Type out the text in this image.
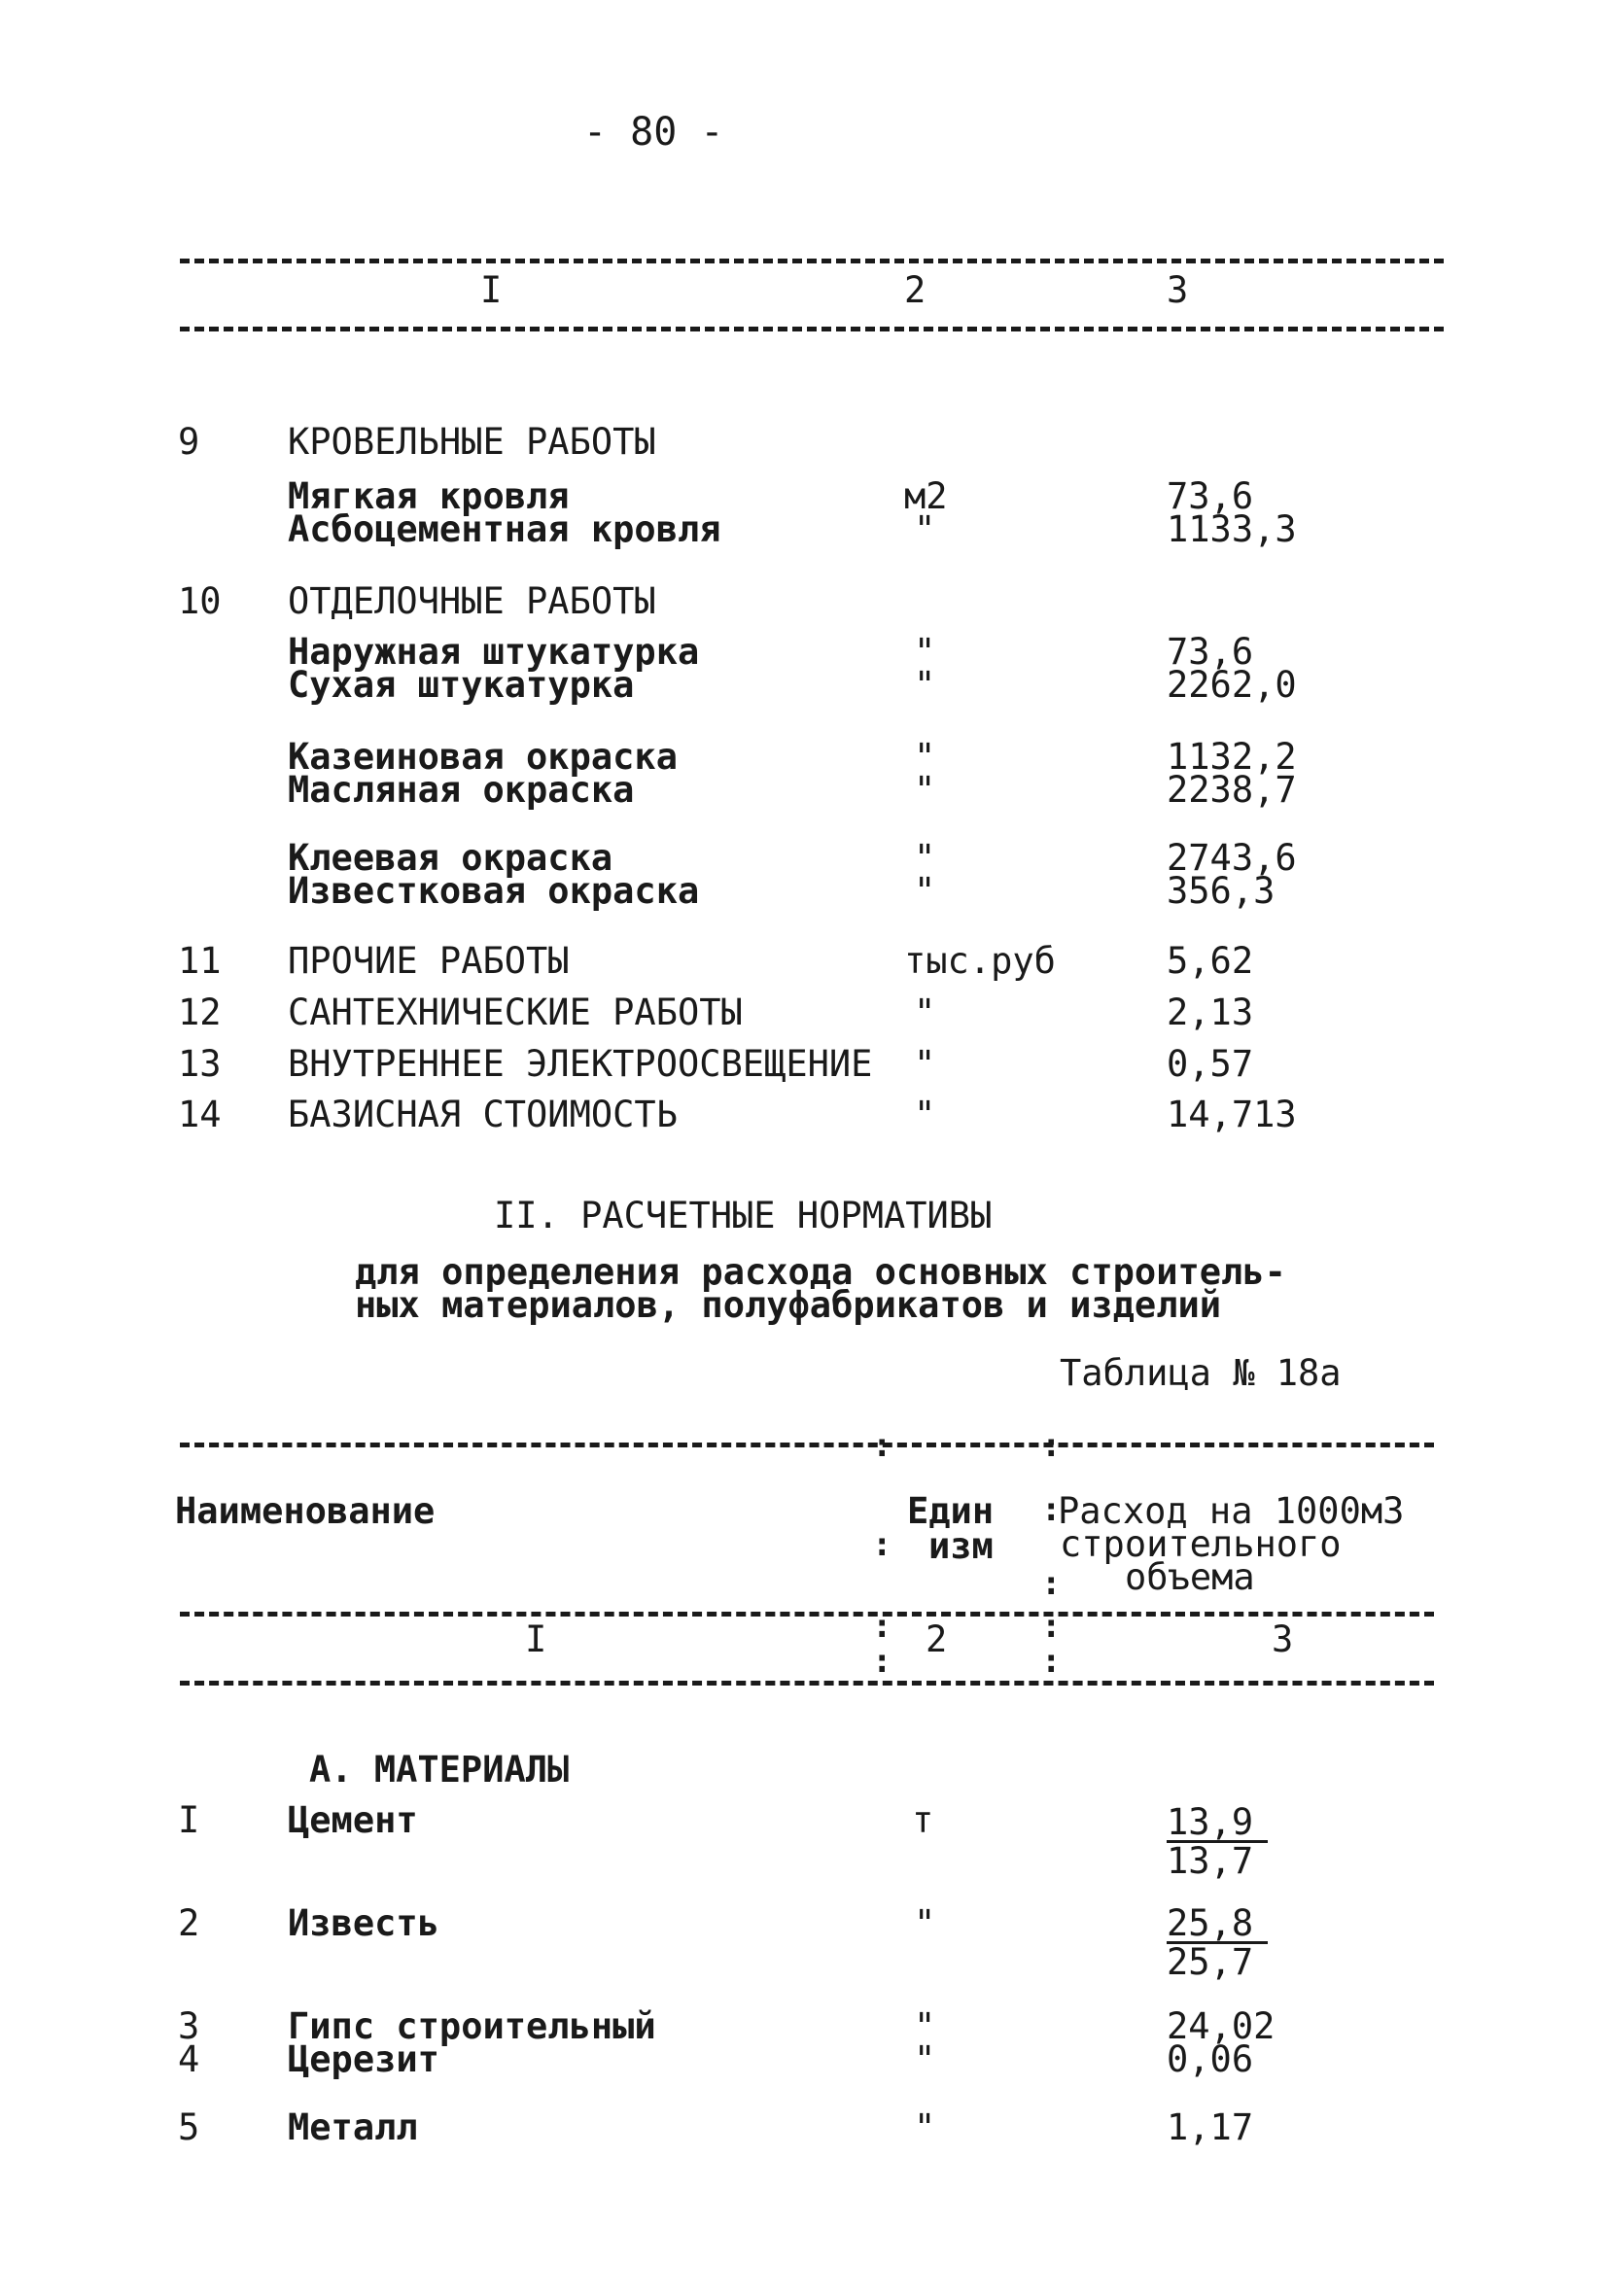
- 80 -
I	2	3
9 КРОВЕЛЬНЫЕ РАБОТЫ
Мягкая кровля	м2	73,6
Асбоцементная кровля	"	1133,3
10 ОТДЕЛОЧНЫЕ РАБОТЫ
Наружная штукатурка	"	73,6
Сухая штукатурка	"	2262,0
Казеиновая окраска	"	1132,2
Масляная окраска	"	2238,7
Клеевая окраска	"	2743,6
Известковая окраска	"	356,3
11 ПРОЧИЕ РАБОТЫ	тыс.руб	5,62
12 САНТЕХНИЧЕСКИЕ РАБОТЫ	"	2,13
13 ВНУТРЕННЕЕ ЭЛЕКТРООСВЕЩЕНИЕ "	0,57
14 БАЗИСНАЯ СТОИМОСТЬ	"	14,713
II. РАСЧЕТНЫЕ НОРМАТИВЫ
для определения расхода основных строитель-
ных материалов, полуфабрикатов и изделий
Таблица № 18а
:	:
Наименование	Един
изм
:
:
Расход на 1000м3
строительного
объема
:
:	:
I	2	3
:	:
А. МАТЕРИАЛЫ
I Цемент	т	$\frac{13,9}{13,7}$
2 Известь	"	$\frac{25,8}{25,7}$
3 Гипс строительный	"	24,02
4 Церезит	"	0,06
5 Металл	"	1,17
